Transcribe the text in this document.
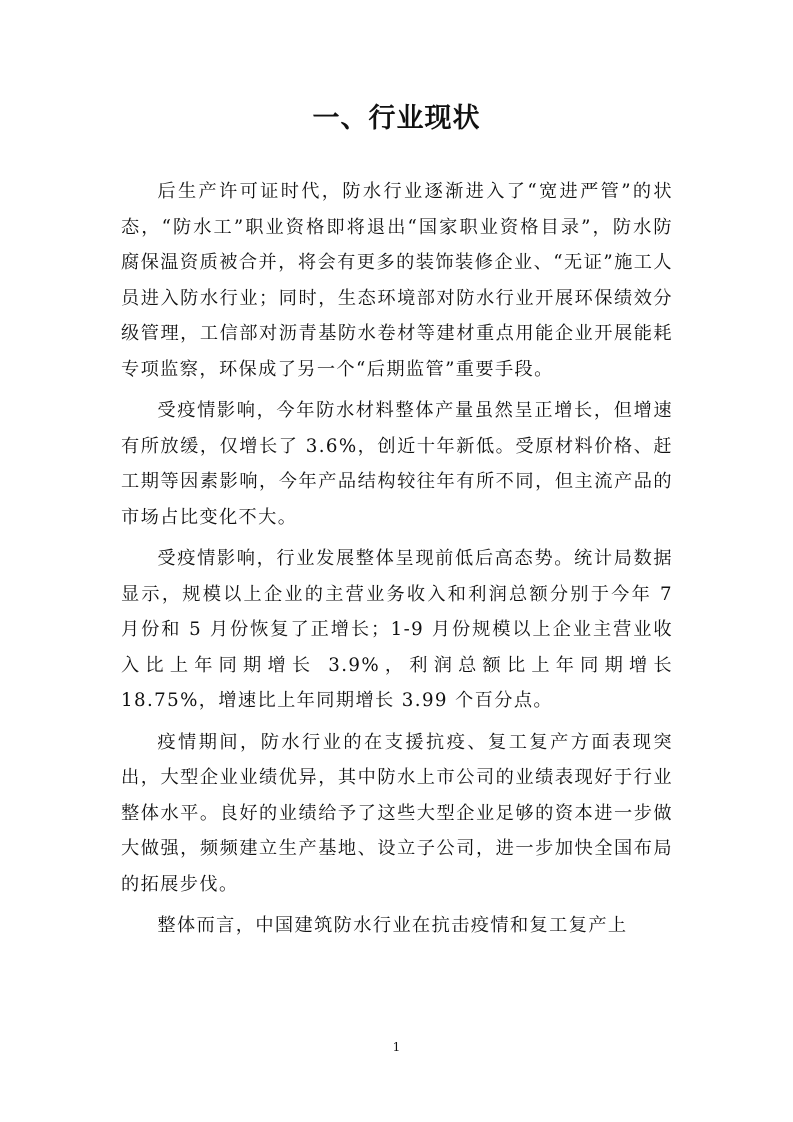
一、行业现状

后生产许可证时代，防水行业逐渐进入了“宽进严管”的状态，“防水工”职业资格即将退出“国家职业资格目录”，防水防腐保温资质被合并，将会有更多的装饰装修企业、“无证”施工人员进入防水行业；同时，生态环境部对防水行业开展环保绩效分级管理，工信部对沥青基防水卷材等建材重点用能企业开展能耗专项监察，环保成了另一个“后期监管”重要手段。

受疫情影响，今年防水材料整体产量虽然呈正增长，但增速有所放缓，仅增长了 3.6%，创近十年新低。受原材料价格、赶工期等因素影响，今年产品结构较往年有所不同，但主流产品的市场占比变化不大。

受疫情影响，行业发展整体呈现前低后高态势。统计局数据显示，规模以上企业的主营业务收入和利润总额分别于今年 7 月份和 5 月份恢复了正增长；1-9 月份规模以上企业主营业收入比上年同期增长 3.9%，利润总额比上年同期增长 18.75%，增速比上年同期增长 3.99 个百分点。

疫情期间，防水行业的在支援抗疫、复工复产方面表现突出，大型企业业绩优异，其中防水上市公司的业绩表现好于行业整体水平。良好的业绩给予了这些大型企业足够的资本进一步做大做强，频频建立生产基地、设立子公司，进一步加快全国布局的拓展步伐。

整体而言，中国建筑防水行业在抗击疫情和复工复产上

1
